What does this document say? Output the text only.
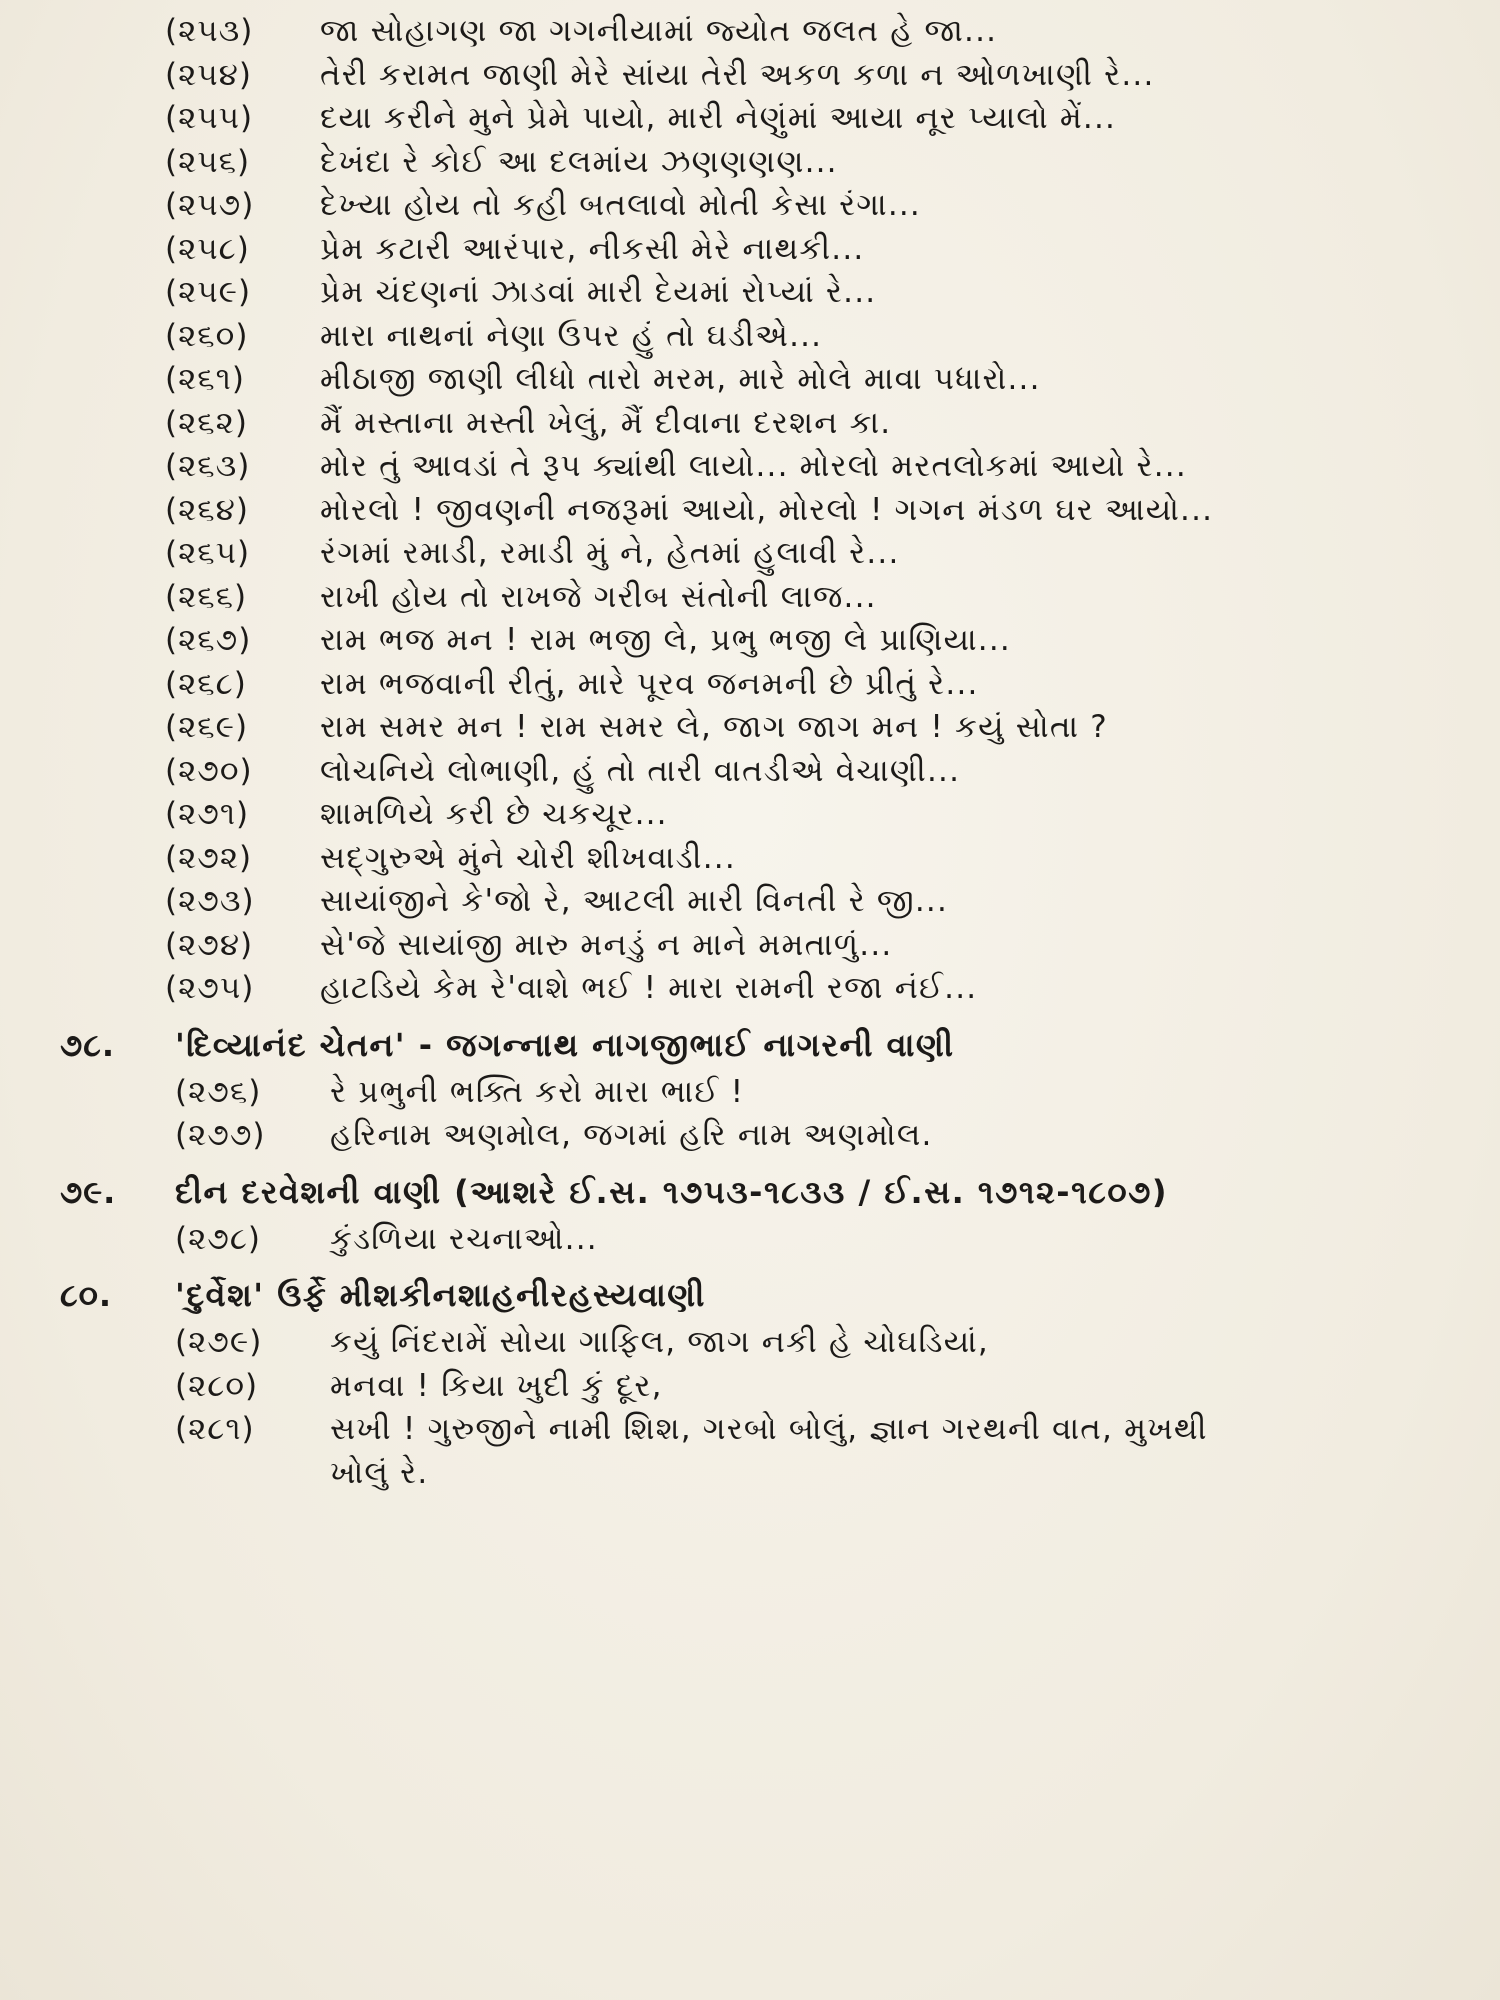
(૨૫૩)	જા સોહાગણ જા ગગનીયામાં જ્યોત જલત હે જા...
(૨૫૪)	તેરી કરામત જાણી મેરે સાંયા તેરી અકળ કળા ન ઓળખાણી રે...
(૨૫૫)	દયા કરીને મુને પ્રેમે પાયો, મારી નેણુંમાં આયા નૂર પ્યાલો મેં...
(૨૫૬)	દેખંદા રે કોઈ આ દલમાંય ઝણણણણ...
(૨૫૭)	દેખ્યા હોય તો કહી બતલાવો મોતી કેસા રંગા...
(૨૫૮)	પ્રેમ કટારી આરંપાર, નીકસી મેરે નાથકી...
(૨૫૯)	પ્રેમ ચંદણનાં ઝાડવાં મારી દેયમાં રોપ્યાં રે...
(૨૬૦)	મારા નાથનાં નેણા ઉપર હું તો ઘડીએ...
(૨૬૧)	મીઠાજી જાણી લીધો તારો મરમ, મારે મોલે માવા પધારો...
(૨૬૨)	મૈં મસ્તાના મસ્તી ખેલું, મૈં દીવાના દરશન કા.
(૨૬૩)	મોર તું આવડાં તે રૂપ ક્યાંથી લાયો... મોરલો મરતલોકમાં આયો રે...
(૨૬૪)	મોરલો ! જીવણની નજરૂમાં આયો, મોરલો ! ગગન મંડળ ઘર આયો...
(૨૬૫)	રંગમાં રમાડી, રમાડી મું ને, હેતમાં હુલાવી રે...
(૨૬૬)	રાખી હોય તો રાખજે ગરીબ સંતોની લાજ...
(૨૬૭)	રામ ભજ મન ! રામ ભજી લે, પ્રભુ ભજી લે પ્રાણિયા...
(૨૬૮)	રામ ભજવાની રીતું, મારે પૂરવ જનમની છે પ્રીતું રે...
(૨૬૯)	રામ સમર મન ! રામ સમર લે, જાગ જાગ મન ! કયું સોતા ?
(૨૭૦)	લોચનિયે લોભાણી, હું તો તારી વાતડીએ વેચાણી...
(૨૭૧)	શામળિયે કરી છે ચકચૂર...
(૨૭૨)	સદ્‌ગુરુએ મુંને ચોરી શીખવાડી...
(૨૭૩)	સાયાંજીને કે'જો રે, આટલી મારી વિનતી રે જી...
(૨૭૪)	સે'જે સાયાંજી મારુ મનડું ન માને મમતાળું...
(૨૭૫)	હાટડિયે કેમ રે'વાશે ભઈ ! મારા રામની રજા નંઈ...
૭૮.	'દિવ્યાનંદ ચેતન' - જગન્નાથ નાગજીભાઈ નાગરની વાણી
(૨૭૬)	રે પ્રભુની ભક્તિ કરો મારા ભાઈ !
(૨૭૭)	હરિનામ અણમોલ, જગમાં હરિ નામ અણમોલ.
૭૯.	દીન દરવેશની વાણી (આશરે ઈ.સ. ૧૭૫૩-૧૮૩૩ / ઈ.સ. ૧૭૧૨-૧૮૦૭)
(૨૭૮)	કુંડળિયા રચનાઓ...
૮૦.	'દુર્વેશ' ઉર્ફે મીશકીનશાહનીરહસ્યવાણી
(૨૭૯)	કયું નિંદરામેં સોયા ગાફિલ, જાગ નકી હે ચોઘડિયાં,
(૨૮૦)	મનવા ! કિયા ખુદી કું દૂર,
(૨૮૧)	સખી ! ગુરુજીને નામી શિશ, ગરબો બોલું, જ્ઞાન ગરથની વાત, મુખથી
ખોલું રે.
